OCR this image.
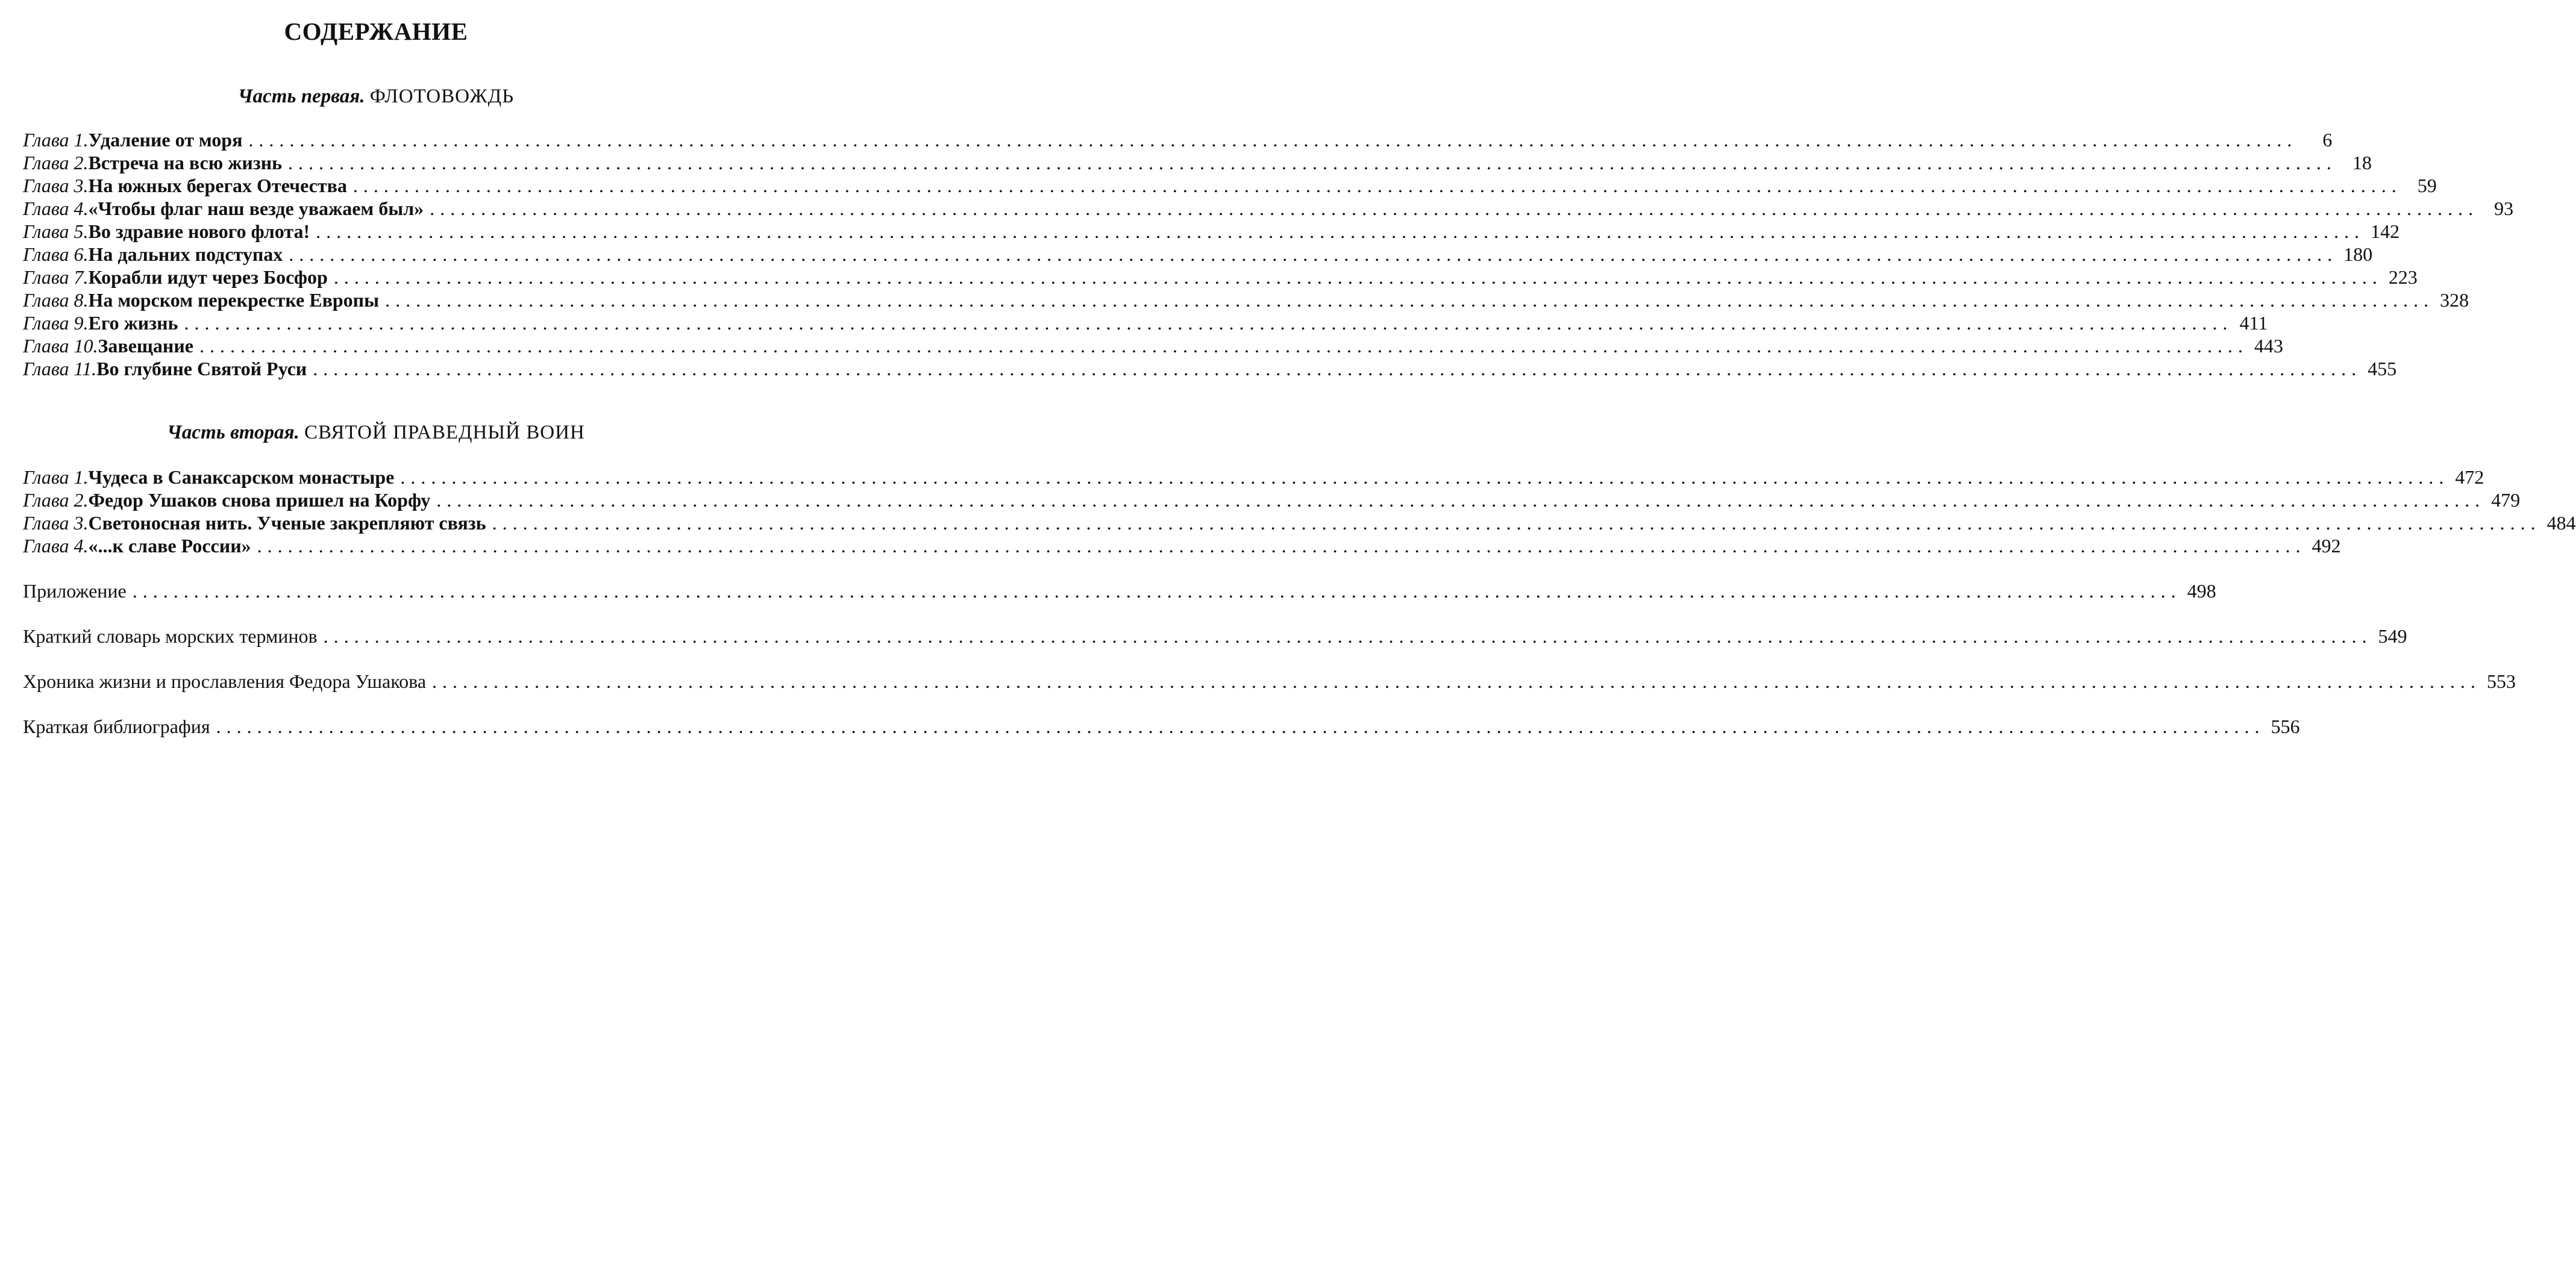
СОДЕРЖАНИЕ
Часть первая. ФЛОТОВОЖДЬ
Глава 1. Удаление от моря ........................................................................................................................................................................................................	6
Глава 2. Встреча на всю жизнь ........................................................................................................................................................................................................ 18
Глава 3. На южных берегах Отечества ........................................................................................................................................................................................................ 59
Глава 4. «Чтобы флаг наш везде уважаем был» ........................................................................................................................................................................................................ 93
Глава 5. Во здравие нового флота! ........................................................................................................................................................................................................ 142
Глава 6. На дальних подступах ........................................................................................................................................................................................................ 180
Глава 7. Корабли идут через Босфор ........................................................................................................................................................................................................ 223
Глава 8. На морском перекрестке Европы ........................................................................................................................................................................................................ 328
Глава 9. Его жизнь ........................................................................................................................................................................................................ 411
Глава 10. Завещание ........................................................................................................................................................................................................ 443
Глава 11. Во глубине Святой Руси ........................................................................................................................................................................................................ 455
Часть вторая. СВЯТОЙ ПРАВЕДНЫЙ ВОИН
Глава 1. Чудеса в Санаксарском монастыре ........................................................................................................................................................................................................ 472
Глава 2. Федор Ушаков снова пришел на Корфу ........................................................................................................................................................................................................ 479
Глава 3. Светоносная нить. Ученые закрепляют связь ........................................................................................................................................................................................................ 484
Глава 4. «...к славе России» ........................................................................................................................................................................................................ 492
Приложение ........................................................................................................................................................................................................ 498
Краткий словарь морских терминов ........................................................................................................................................................................................................ 549
Хроника жизни и прославления Федора Ушакова ........................................................................................................................................................................................................ 553
Краткая библиография ........................................................................................................................................................................................................ 556
